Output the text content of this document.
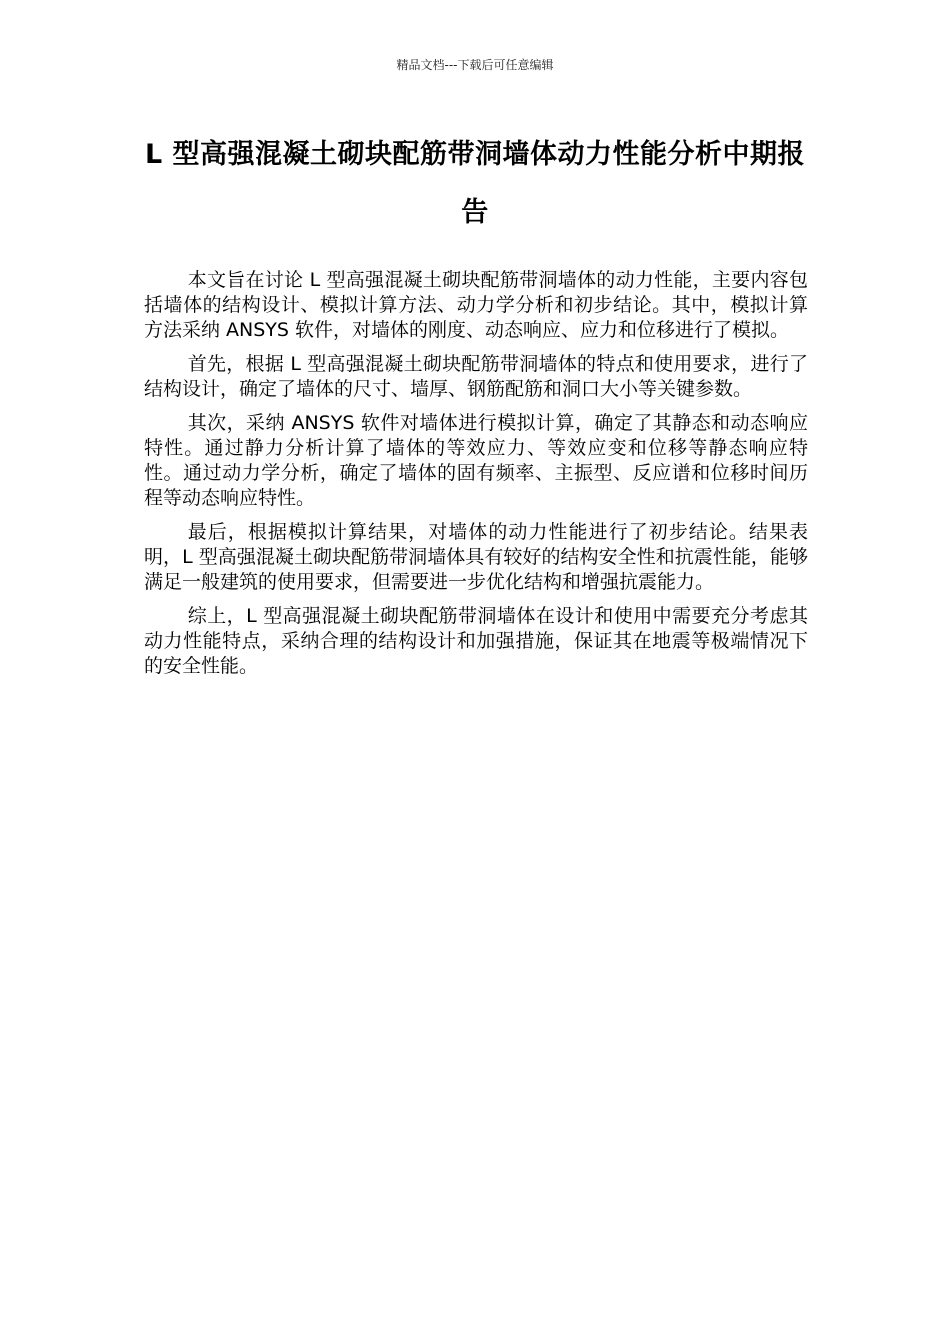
精品文档---下载后可任意编辑
L 型高强混凝土砌块配筋带洞墙体动力性能分析中期报告

本文旨在讨论 L 型高强混凝土砌块配筋带洞墙体的动力性能，主要内容包括墙体的结构设计、模拟计算方法、动力学分析和初步结论。其中，模拟计算方法采纳 ANSYS 软件，对墙体的刚度、动态响应、应力和位移进行了模拟。

首先，根据 L 型高强混凝土砌块配筋带洞墙体的特点和使用要求，进行了结构设计，确定了墙体的尺寸、墙厚、钢筋配筋和洞口大小等关键参数。

其次，采纳 ANSYS 软件对墙体进行模拟计算，确定了其静态和动态响应特性。通过静力分析计算了墙体的等效应力、等效应变和位移等静态响应特性。通过动力学分析，确定了墙体的固有频率、主振型、反应谱和位移时间历程等动态响应特性。

最后，根据模拟计算结果，对墙体的动力性能进行了初步结论。结果表明，L 型高强混凝土砌块配筋带洞墙体具有较好的结构安全性和抗震性能，能够满足一般建筑的使用要求，但需要进一步优化结构和增强抗震能力。

综上，L 型高强混凝土砌块配筋带洞墙体在设计和使用中需要充分考虑其动力性能特点，采纳合理的结构设计和加强措施，保证其在地震等极端情况下的安全性能。
